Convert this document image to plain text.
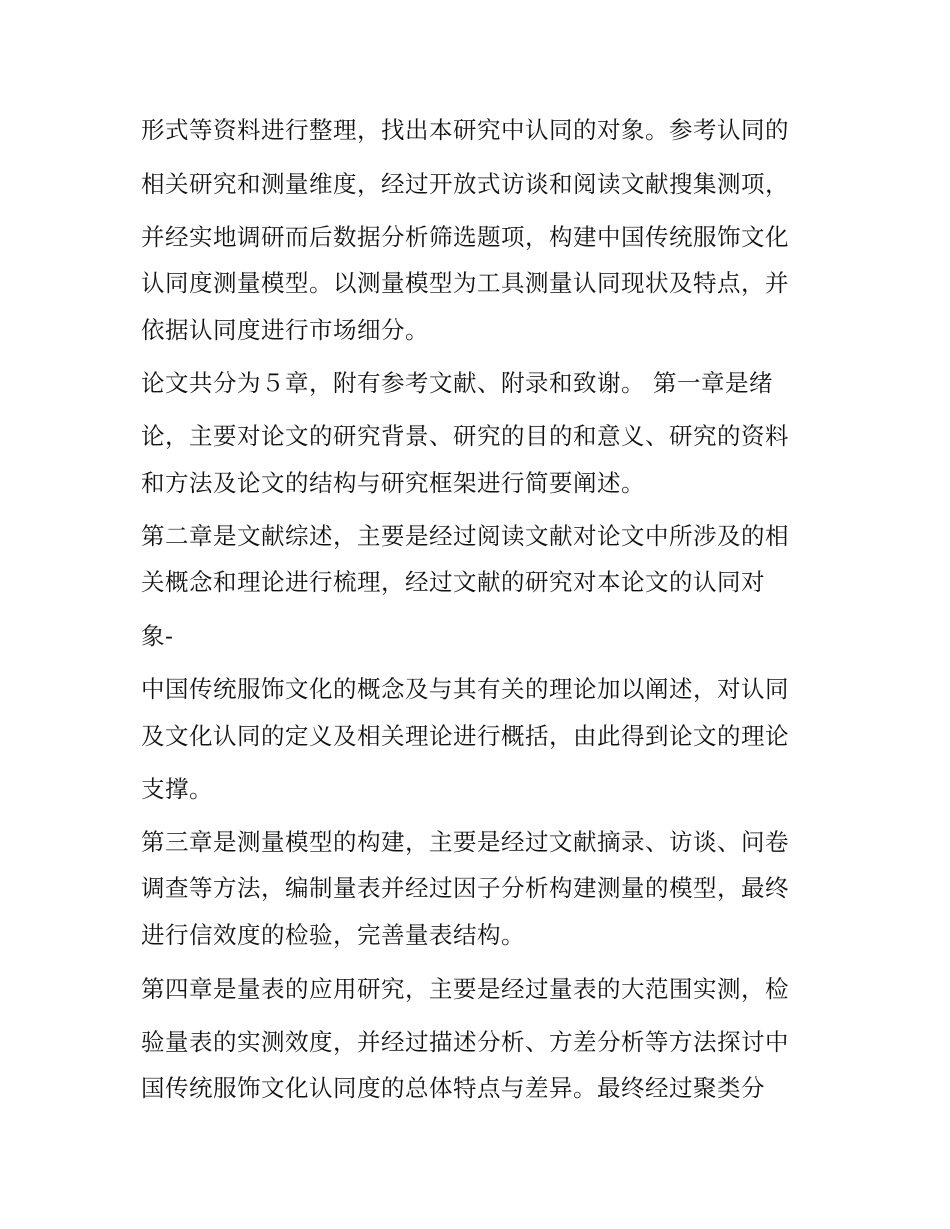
形式等资料进行整理，找出本研究中认同的对象。参考认同的
相关研究和测量维度，经过开放式访谈和阅读文献搜集测项，
并经实地调研而后数据分析筛选题项，构建中国传统服饰文化
认同度测量模型。以测量模型为工具测量认同现状及特点，并
依据认同度进行市场细分。
论文共分为５章，附有参考文献、附录和致谢。 第一章是绪
论，主要对论文的研究背景、研究的目的和意义、研究的资料
和方法及论文的结构与研究框架进行简要阐述。
第二章是文献综述，主要是经过阅读文献对论文中所涉及的相
关概念和理论进行梳理，经过文献的研究对本论文的认同对
象-
中国传统服饰文化的概念及与其有关的理论加以阐述，对认同
及文化认同的定义及相关理论进行概括，由此得到论文的理论
支撑。
第三章是测量模型的构建，主要是经过文献摘录、访谈、问卷
调查等方法，编制量表并经过因子分析构建测量的模型，最终
进行信效度的检验，完善量表结构。
第四章是量表的应用研究，主要是经过量表的大范围实测，检
验量表的实测效度，并经过描述分析、方差分析等方法探讨中
国传统服饰文化认同度的总体特点与差异。最终经过聚类分
